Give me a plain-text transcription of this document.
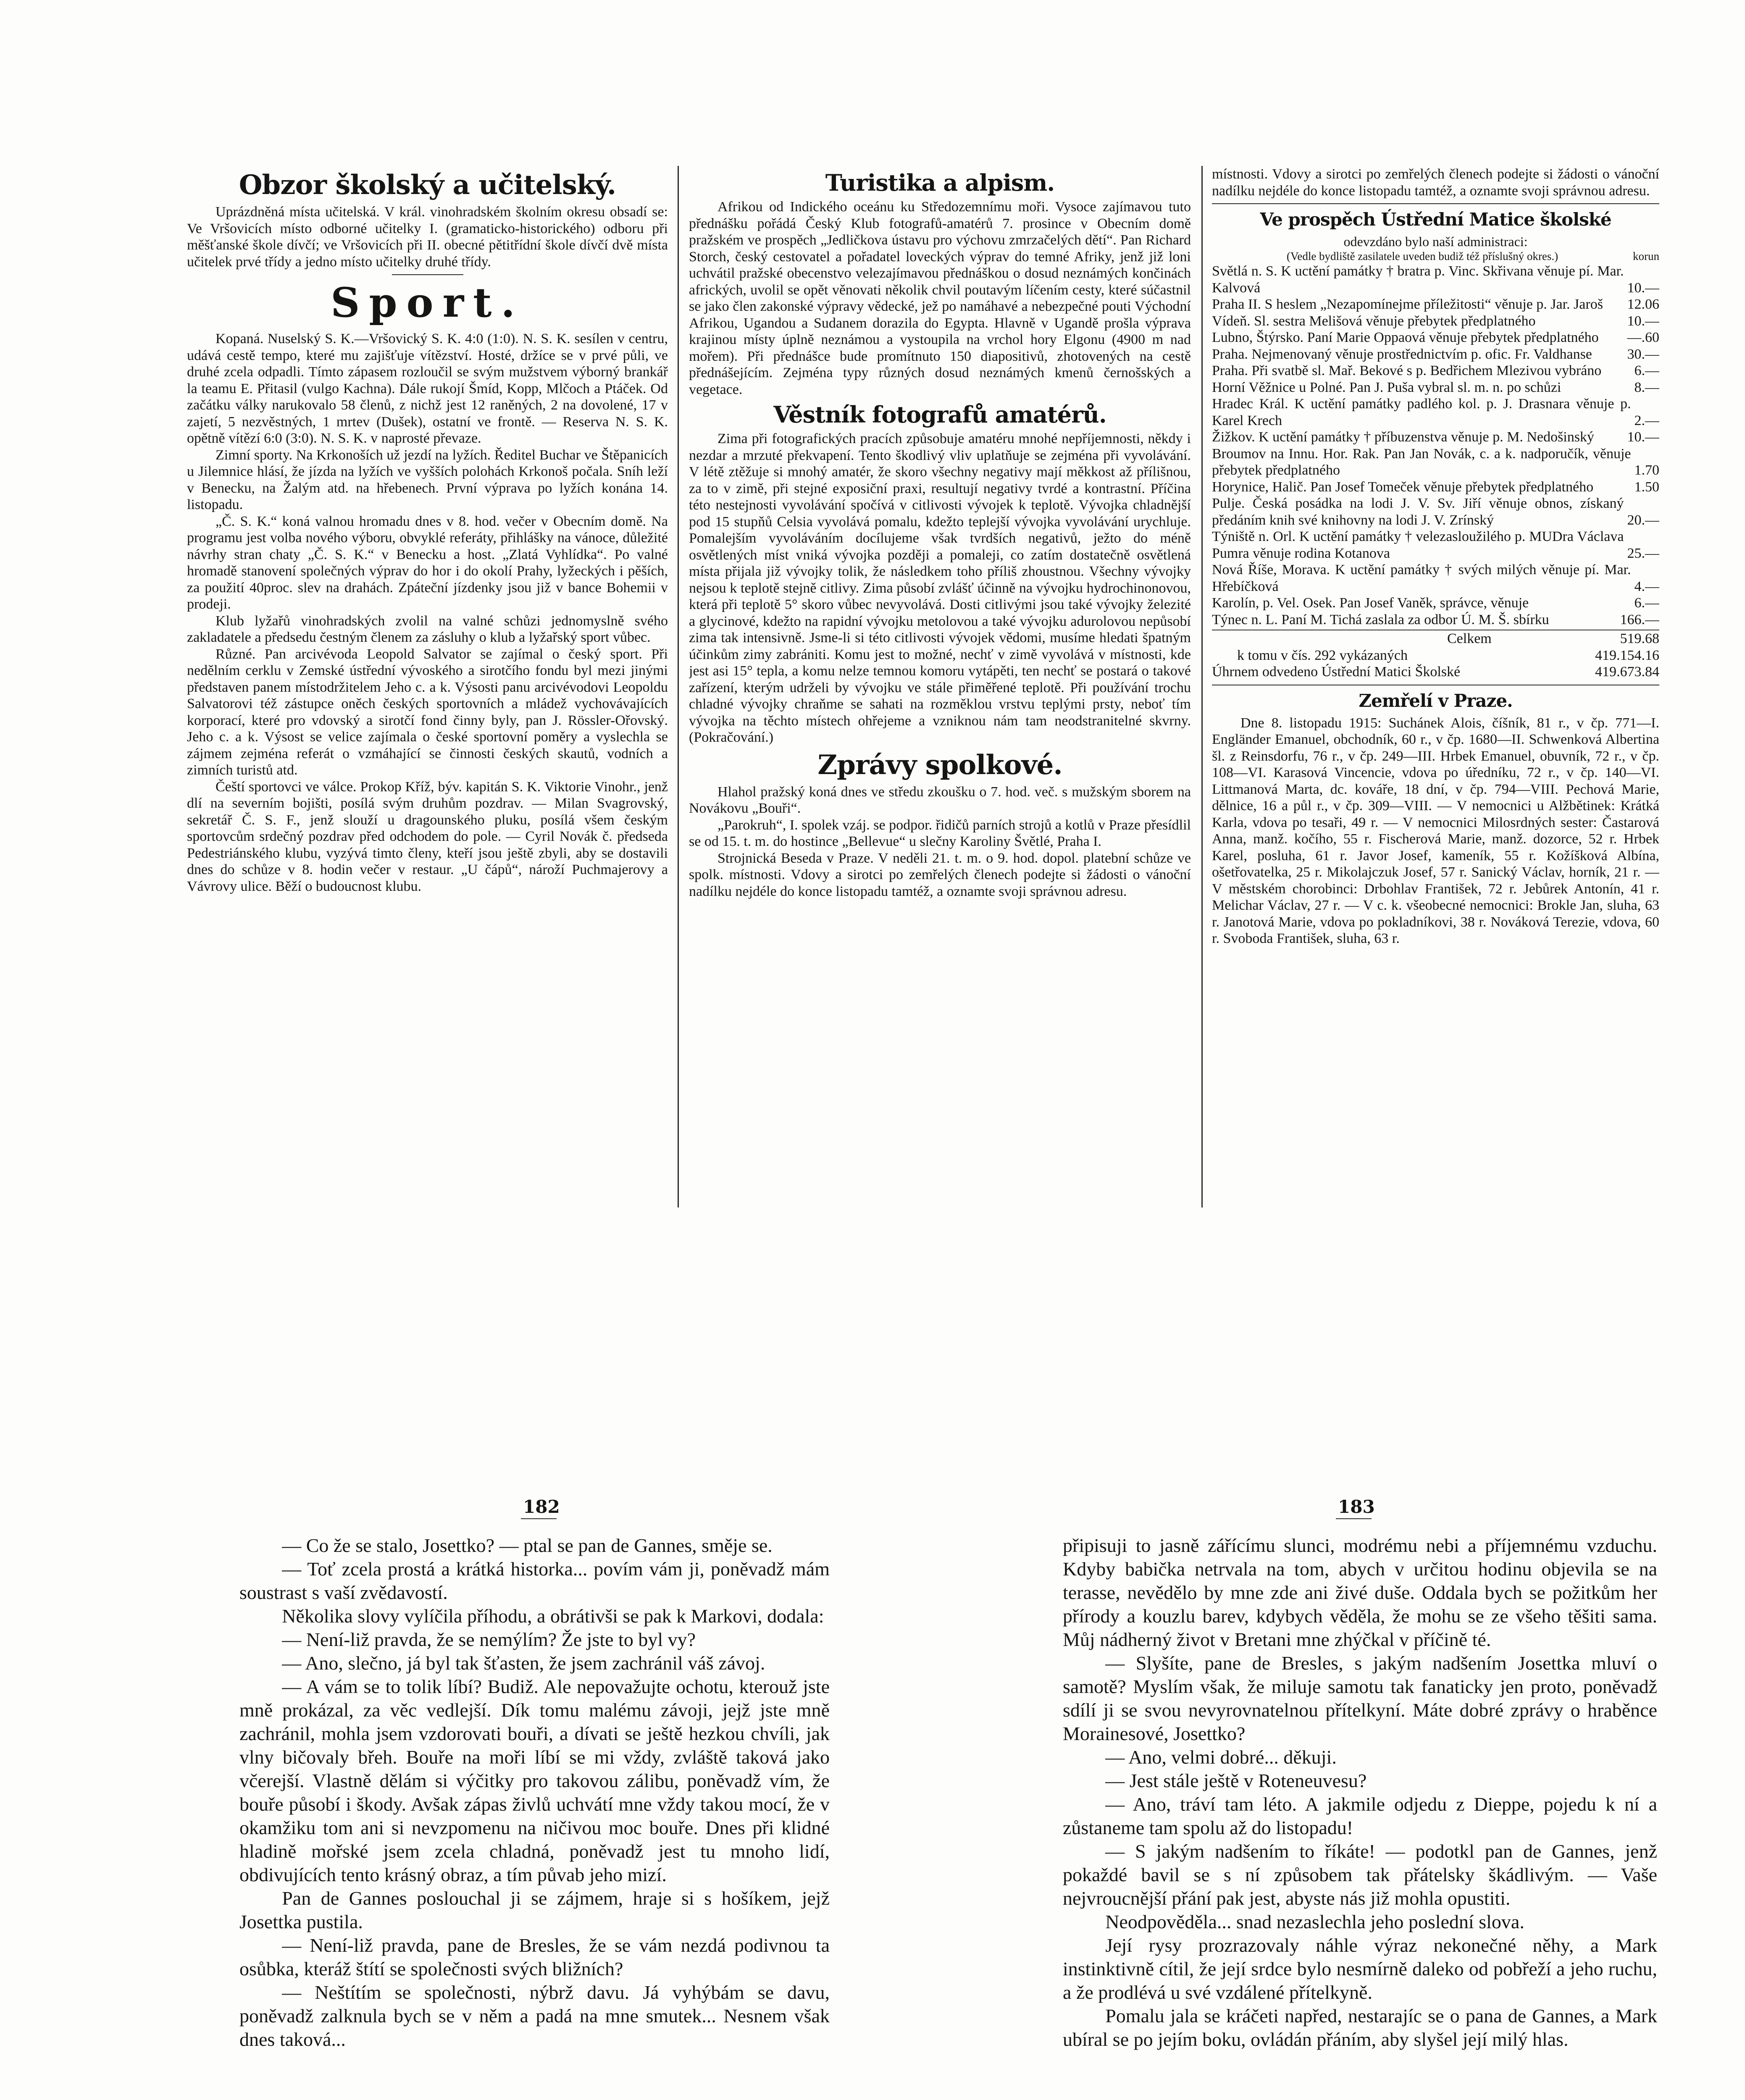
Obzor školský a učitelský.

Uprázdněná místa učitelská. V král. vinohradském školním okresu obsadí se: Ve Vršovicích místo odborné učitelky I. (gramaticko-historického) odboru při měšťanské škole dívčí; ve Vršovicích při II. obecné pětitřídní škole dívčí dvě místa učitelek prvé třídy a jedno místo učitelky druhé třídy.

Sport.

Kopaná. Nuselský S. K.—Vršovický S. K. 4:0 (1:0). N. S. K. sesílen v centru, udává cestě tempo, které mu zajišťuje vítězství. Hosté, držíce se v prvé půli, ve druhé zcela odpadli. Tímto zápasem rozloučil se svým mužstvem výborný brankář la teamu E. Přitasil (vulgo Kachna). Dále rukojí Šmíd, Kopp, Mlčoch a Ptáček. Od začátku války narukovalo 58 členů, z nichž jest 12 raněných, 2 na dovolené, 17 v zajetí, 5 nezvěstných, 1 mrtev (Dušek), ostatní ve frontě. — Reserva N. S. K. opětně vítězí 6:0 (3:0). N. S. K. v naprosté převaze.

Zimní sporty. Na Krkonoších už jezdí na lyžích. Ředitel Buchar ve Štěpanicích u Jilemnice hlásí, že jízda na lyžích ve vyšších polohách Krkonoš počala. Sníh leží v Benecku, na Žalým atd. na hřebenech. První výprava po lyžích konána 14. listopadu.

„Č. S. K.“ koná valnou hromadu dnes v 8. hod. večer v Obecním domě. Na programu jest volba nového výboru, obvyklé referáty, přihlášky na vánoce, důležité návrhy stran chaty „Č. S. K.“ v Benecku a host. „Zlatá Vyhlídka“. Po valné hromadě stanovení společných výprav do hor i do okolí Prahy, lyžeckých i pěších, za použití 40proc. slev na drahách. Zpáteční jízdenky jsou již v bance Bohemii v prodeji.

Klub lyžařů vinohradských zvolil na valné schůzi jednomyslně svého zakladatele a předsedu čestným členem za zásluhy o klub a lyžařský sport vůbec.

Různé. Pan arcivévoda Leopold Salvator se zajímal o český sport. Při nedělním cerklu v Zemské ústřední vývoského a sirotčího fondu byl mezi jinými představen panem místodržitelem Jeho c. a k. Výsosti panu arcivévodovi Leopoldu Salvatorovi též zástupce oněch českých sportovních a mládež vychovávajících korporací, které pro vdovský a sirotčí fond činny byly, pan J. Rössler-Ořovský. Jeho c. a k. Výsost se velice zajímala o české sportovní poměry a vyslechla se zájmem zejména referát o vzmáhající se činnosti českých skautů, vodních a zimních turistů atd.

Čeští sportovci ve válce. Prokop Kříž, býv. kapitán S. K. Viktorie Vinohr., jenž dlí na severním bojišti, posílá svým druhům pozdrav. — Milan Svagrovský, sekretář Č. S. F., jenž slouží u dragounského pluku, posílá všem českým sportovcům srdečný pozdrav před odchodem do pole. — Cyril Novák č. předseda Pedestriánského klubu, vyzývá timto členy, kteří jsou ještě zbyli, aby se dostavili dnes do schůze v 8. hodin večer v restaur. „U čápů“, nároží Puchmajerovy a Vávrovy ulice. Běží o budoucnost klubu.

Turistika a alpism.

Afrikou od Indického oceánu ku Středozemnímu moři. Vysoce zajímavou tuto přednášku pořádá Český Klub fotografů-amatérů 7. prosince v Obecním domě pražském ve prospěch „Jedličkova ústavu pro výchovu zmrzačelých dětí“. Pan Richard Storch, český cestovatel a pořadatel loveckých výprav do temné Afriky, jenž již loni uchvátil pražské obecenstvo velezajímavou přednáškou o dosud neznámých končinách afrických, uvolil se opět věnovati několik chvil poutavým líčením cesty, které súčastnil se jako člen zakonské výpravy vědecké, jež po namáhavé a nebezpečné pouti Východní Afrikou, Ugandou a Sudanem dorazila do Egypta. Hlavně v Ugandě prošla výprava krajinou místy úplně neznámou a vystoupila na vrchol hory Elgonu (4900 m nad mořem). Při přednášce bude promítnuto 150 diapositivů, zhotovených na cestě přednášejícím. Zejména typy různých dosud neznámých kmenů černošských a vegetace.

Věstník fotografů amatérů.

Zima při fotografických pracích způsobuje amatéru mnohé nepříjemnosti, někdy i nezdar a mrzuté překvapení. Tento škodlivý vliv uplatňuje se zejména při vyvolávání. V létě ztěžuje si mnohý amatér, že skoro všechny negativy mají měkkost až přílišnou, za to v zimě, při stejné exposiční praxi, resultují negativy tvrdé a kontrastní. Příčina této nestejnosti vyvolávání spočívá v citlivosti vývojek k teplotě. Vývojka chladnější pod 15 stupňů Celsia vyvolává pomalu, kdežto teplejší vývojka vyvolávání urychluje. Pomalejším vyvoláváním docílujeme však tvrdších negativů, ježto do méně osvětlených míst vniká vývojka později a pomaleji, co zatím dostatečně osvětlená místa přijala již vývojky tolik, že následkem toho příliš zhoustnou. Všechny vývojky nejsou k teplotě stejně citlivy. Zima působí zvlášť účinně na vývojku hydrochinonovou, která při teplotě 5° skoro vůbec nevyvolává. Dosti citlivými jsou také vývojky železité a glycinové, kdežto na rapidní vývojku metolovou a také vývojku adurolovou nepůsobí zima tak intensivně. Jsme-li si této citlivosti vývojek vědomi, musíme hledati špatným účinkům zimy zabrániti. Komu jest to možné, nechť v zimě vyvolává v místnosti, kde jest asi 15° tepla, a komu nelze temnou komoru vytápěti, ten nechť se postará o takové zařízení, kterým udrželi by vývojku ve stále přiměřené teplotě. Při používání trochu chladné vývojky chraňme se sahati na rozměklou vrstvu teplými prsty, neboť tím vývojka na těchto místech ohřejeme a vzniknou nám tam neodstranitelné skvrny. (Pokračování.)

Zprávy spolkové.

Hlahol pražský koná dnes ve středu zkoušku o 7. hod. več. s mužským sborem na Novákovu „Bouři“.

„Parokruh“, I. spolek vzáj. se podpor. řidičů parních strojů a kotlů v Praze přesídlil se od 15. t. m. do hostince „Bellevue“ u slečny Karoliny Švětlé, Praha I.

Strojnická Beseda v Praze. V neděli 21. t. m. o 9. hod. dopol. platební schůze ve spolk. místnosti. Vdovy a sirotci po zemřelých členech podejte si žádosti o vánoční nadílku nejdéle do konce listopadu tamtéž, a oznamte svoji správnou adresu.

místnosti. Vdovy a sirotci po zemřelých členech podejte si žádosti o vánoční nadílku nejdéle do konce listopadu tamtéž, a oznamte svoji správnou adresu.

Ve prospěch Ústřední Matice školské
odevzdáno bylo naší administraci:
(Vedle bydliště zasilatele uveden budiž též příslušný okres.)	korun
Světlá n. S. K uctění památky † bratra p. Vinc. Skřivana věnuje pí. Mar. Kalvová	10.—
Praha II. S heslem „Nezapomínejme příležitosti“ věnuje p. Jar. Jaroš 12.06
Vídeň. Sl. sestra Melišová věnuje přebytek předplatného	10.—
Lubno, Štýrsko. Paní Marie Oppaová věnuje přebytek předplatného —.60
Praha. Nejmenovaný věnuje prostřednictvím p. ofic. Fr. Valdhanse 30.—
Praha. Při svatbě sl. Mař. Bekové s p. Bedřichem Mlezivou vybráno 6.—
Horní Věžnice u Polné. Pan J. Puša vybral sl. m. n. po schůzi	8.—
Hradec Král. K uctění památky padlého kol. p. J. Drasnara věnuje p. Karel Krech	2.—
Žižkov. K uctění památky † příbuzenstva věnuje p. M. Nedošinský 10.—
Broumov na Innu. Hor. Rak. Pan Jan Novák, c. a k. nadporučík, věnuje přebytek předplatného	1.70
Horynice, Halič. Pan Josef Tomeček věnuje přebytek předplatného	1.50
Pulje. Česká posádka na lodi J. V. Sv. Jiří věnuje obnos, získaný předáním knih své knihovny na lodi J. V. Zrínský	20.—
Týniště n. Orl. K uctění památky † velezasloužilého p. MUDra Václava Pumra věnuje rodina Kotanova	25.—
Nová Říše, Morava. K uctění památky † svých milých věnuje pí. Mar. Hřebíčková	4.—
Karolín, p. Vel. Osek. Pan Josef Vaněk, správce, věnuje	6.—
Týnec n. L. Paní M. Tichá zaslala za odbor Ú. M. Š. sbírku	166.—
Celkem	519.68
k tomu v čís. 292 vykázaných	419.154.16
Úhrnem odvedeno Ústřední Matici Školské	419.673.84
Zemřelí v Praze.

Dne 8. listopadu 1915: Suchánek Alois, číšník, 81 r., v čp. 771—I. Engländer Emanuel, obchodník, 60 r., v čp. 1680—II. Schwenková Albertina šl. z Reinsdorfu, 76 r., v čp. 249—III. Hrbek Emanuel, obuvník, 72 r., v čp. 108—VI. Karasová Vincencie, vdova po úředníku, 72 r., v čp. 140—VI. Littmanová Marta, dc. kováře, 18 dní, v čp. 794—VIII. Pechová Marie, dělnice, 16 a půl r., v čp. 309—VIII. — V nemocnici u Alžbětinek: Krátká Karla, vdova po tesaři, 49 r. — V nemocnici Milosrdných sester: Častarová Anna, manž. kočího, 55 r. Fischerová Marie, manž. dozorce, 52 r. Hrbek Karel, posluha, 61 r. Javor Josef, kameník, 55 r. Kožíšková Albína, ošetřovatelka, 25 r. Mikolajczuk Josef, 57 r. Sanický Václav, horník, 21 r. — V městském chorobinci: Drbohlav František, 72 r. Jebůrek Antonín, 41 r. Melichar Václav, 27 r. — V c. k. všeobecné nemocnici: Brokle Jan, sluha, 63 r. Janotová Marie, vdova po pokladníkovi, 38 r. Nováková Terezie, vdova, 60 r. Svoboda František, sluha, 63 r.

182	183

— Co že se stalo, Josettko? — ptal se pan de Gannes, směje se.

— Toť zcela prostá a krátká historka... povím vám ji, poněvadž mám soustrast s vaší zvědavostí.

Několika slovy vylíčila příhodu, a obrátivši se pak k Markovi, dodala:

— Není-liž pravda, že se nemýlím? Že jste to byl vy?

— Ano, slečno, já byl tak šťasten, že jsem zachránil váš závoj.

— A vám se to tolik líbí? Budiž. Ale nepovažujte ochotu, kterouž jste mně prokázal, za věc vedlejší. Dík tomu malému závoji, jejž jste mně zachránil, mohla jsem vzdorovati bouři, a dívati se ještě hezkou chvíli, jak vlny bičovaly břeh. Bouře na moři líbí se mi vždy, zvláště taková jako včerejší. Vlastně dělám si výčitky pro takovou zálibu, poněvadž vím, že bouře působí i škody. Avšak zápas živlů uchvátí mne vždy takou mocí, že v okamžiku tom ani si nevzpomenu na ničivou moc bouře. Dnes při klidné hladině mořské jsem zcela chladná, poněvadž jest tu mnoho lidí, obdivujících tento krásný obraz, a tím půvab jeho mizí.

Pan de Gannes poslouchal ji se zájmem, hraje si s hošíkem, jejž Josettka pustila.

— Není-liž pravda, pane de Bresles, že se vám nezdá podivnou ta osůbka, kteráž štítí se společnosti svých bližních?

— Neštítím se společnosti, nýbrž davu. Já vyhýbám se davu, poněvadž zalknula bych se v něm a padá na mne smutek... Nesnem však dnes taková...

připisuji to jasně zářícímu slunci, modrému nebi a příjemnému vzduchu. Kdyby babička netrvala na tom, abych v určitou hodinu objevila se na terasse, nevědělo by mne zde ani živé duše. Oddala bych se požitkům her přírody a kouzlu barev, kdybych věděla, že mohu se ze všeho těšiti sama. Můj nádherný život v Bretani mne zhýčkal v příčině té.

— Slyšíte, pane de Bresles, s jakým nadšením Josettka mluví o samotě? Myslím však, že miluje samotu tak fanaticky jen proto, poněvadž sdílí ji se svou nevyrovnatelnou přítelkyní. Máte dobré zprávy o hraběnce Morainesové, Josettko?

— Ano, velmi dobré... děkuji.

— Jest stále ještě v Roteneuvesu?

— Ano, tráví tam léto. A jakmile odjedu z Dieppe, pojedu k ní a zůstaneme tam spolu až do listopadu!

— S jakým nadšením to říkáte! — podotkl pan de Gannes, jenž pokaždé bavil se s ní způsobem tak přátelsky škádlivým. — Vaše nejvroucnější přání pak jest, abyste nás již mohla opustiti.

Neodpověděla... snad nezaslechla jeho poslední slova.

Její rysy prozrazovaly náhle výraz nekonečné něhy, a Mark instinktivně cítil, že její srdce bylo nesmírně daleko od pobřeží a jeho ruchu, a že prodlévá u své vzdálené přítelkyně.

Pomalu jala se kráčeti napřed, nestarajíc se o pana de Gannes, a Mark ubíral se po jejím boku, ovládán přáním, aby slyšel její milý hlas.
